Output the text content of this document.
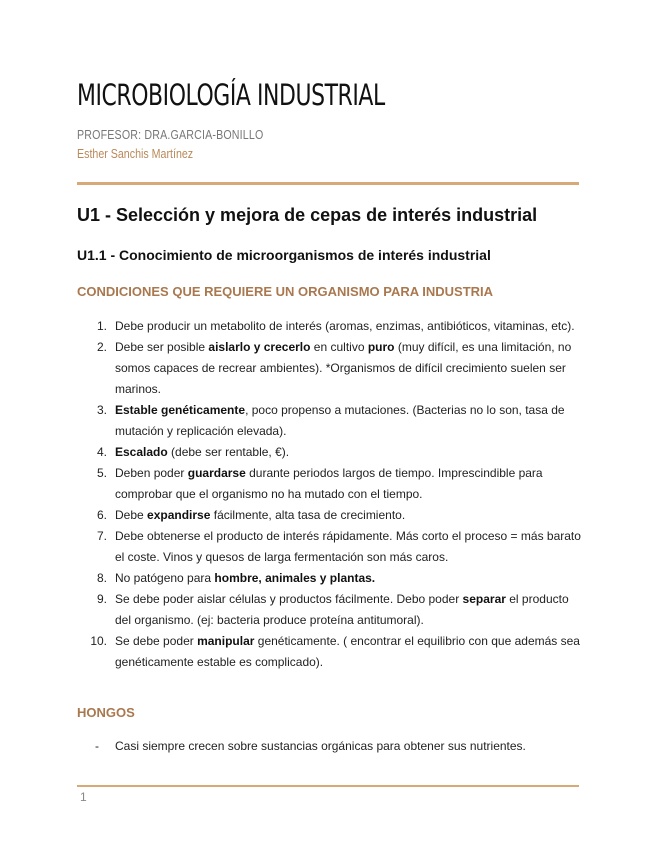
MICROBIOLOGÍA INDUSTRIAL
PROFESOR: DRA.GARCIA-BONILLO
Esther Sanchis Martínez
U1 - Selección y mejora de cepas de interés industrial
U1.1 - Conocimiento de microorganismos de interés industrial
CONDICIONES QUE REQUIERE UN ORGANISMO PARA INDUSTRIA
1. Debe producir un metabolito de interés (aromas, enzimas, antibióticos, vitaminas, etc).
2. Debe ser posible aislarlo y crecerlo en cultivo puro (muy difícil, es una limitación, no somos capaces de recrear ambientes). *Organismos de difícil crecimiento suelen ser marinos.
3. Estable genéticamente, poco propenso a mutaciones. (Bacterias no lo son, tasa de mutación y replicación elevada).
4. Escalado (debe ser rentable, €).
5. Deben poder guardarse durante periodos largos de tiempo. Imprescindible para comprobar que el organismo no ha mutado con el tiempo.
6. Debe expandirse fácilmente, alta tasa de crecimiento.
7. Debe obtenerse el producto de interés rápidamente. Más corto el proceso = más barato el coste. Vinos y quesos de larga fermentación son más caros.
8. No patógeno para hombre, animales y plantas.
9. Se debe poder aislar células y productos fácilmente. Debo poder separar el producto del organismo. (ej: bacteria produce proteína antitumoral).
10. Se debe poder manipular genéticamente. ( encontrar el equilibrio con que además sea genéticamente estable es complicado).
HONGOS
- Casi siempre crecen sobre sustancias orgánicas para obtener sus nutrientes.
1
